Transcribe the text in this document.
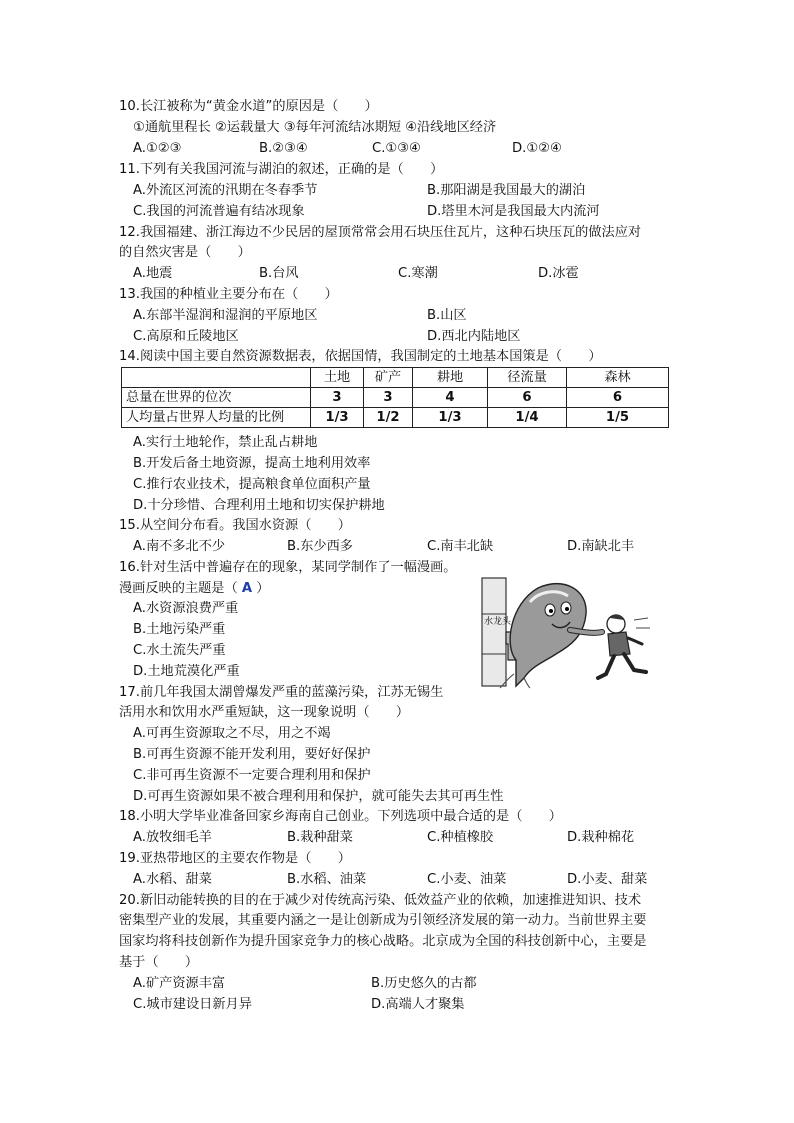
10.长江被称为“黄金水道”的原因是（　　）
①通航里程长 ②运载量大 ③每年河流结冰期短 ④沿线地区经济
A.①②③	B.②③④	C.①③④	D.①②④
11.下列有关我国河流与湖泊的叙述，正确的是（　　）
A.外流区河流的汛期在冬春季节	B.那阳湖是我国最大的湖泊
C.我国的河流普遍有结冰现象	D.塔里木河是我国最大内流河
12.我国福建、浙江海边不少民居的屋顶常常会用石块压住瓦片，这种石块压瓦的做法应对
的自然灾害是（　　）
A.地震	B.台风	C.寒潮	D.冰雹
13.我国的种植业主要分布在（　　）
A.东部半湿润和湿润的平原地区	B.山区
C.高原和丘陵地区	D.西北内陆地区
14.阅读中国主要自然资源数据表，依据国情，我国制定的土地基本国策是（　　）
	土地	矿产	耕地	径流量	森林
总量在世界的位次	3	3	4	6	6
人均量占世界人均量的比例	1/3	1/2	1/3	1/4	1/5
A.实行土地轮作，禁止乱占耕地
B.开发后备土地资源，提高土地利用效率
C.推行农业技术，提高粮食单位面积产量
D.十分珍惜、合理利用土地和切实保护耕地
15.从空间分布看。我国水资源（　　）
A.南不多北不少	B.东少西多	C.南丰北缺	D.南缺北丰
16.针对生活中普遍存在的现象，某同学制作了一幅漫画。
漫画反映的主题是（ A ）
A.水资源浪费严重
B.土地污染严重
C.水土流失严重
D.土地荒漠化严重
水龙头
17.前几年我国太湖曾爆发严重的蓝藻污染，江苏无锡生
活用水和饮用水严重短缺，这一现象说明（　　）
A.可再生资源取之不尽，用之不竭
B.可再生资源不能开发利用，要好好保护
C.非可再生资源不一定要合理利用和保护
D.可再生资源如果不被合理利用和保护，就可能失去其可再生性
18.小明大学毕业准备回家乡海南自己创业。下列选项中最合适的是（　　）
A.放牧细毛羊	B.栽种甜菜	C.种植橡胶	D.栽种棉花
19.亚热带地区的主要农作物是（　　）
A.水稻、甜菜	B.水稻、油菜	C.小麦、油菜	D.小麦、甜菜
20.新旧动能转换的目的在于减少对传统高污染、低效益产业的依赖，加速推进知识、技术
密集型产业的发展，其重要内涵之一是让创新成为引领经济发展的第一动力。当前世界主要
国家均将科技创新作为提升国家竞争力的核心战略。北京成为全国的科技创新中心，主要是
基于（　　）
A.矿产资源丰富	B.历史悠久的古都
C.城市建设日新月异	D.高端人才聚集
